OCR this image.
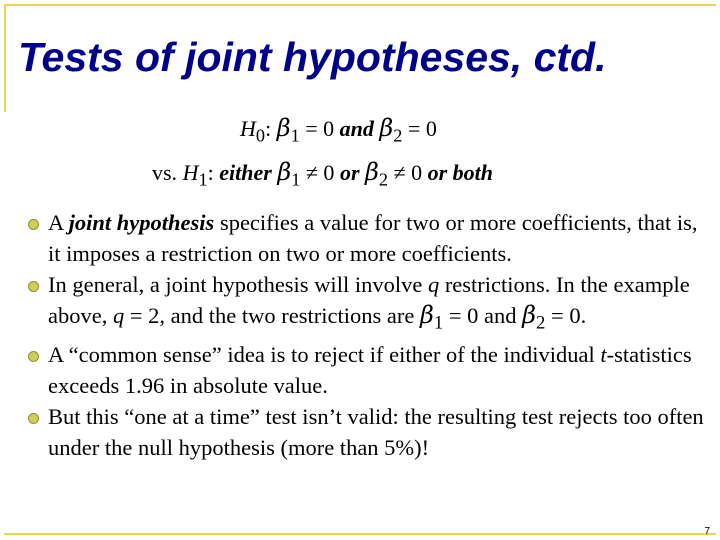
Tests of joint hypotheses, ctd.
$H_0$: $\beta_1 = 0$ and $\beta_2 = 0$
vs. $H_1$: either $\beta_1 \ne 0$ or $\beta_2 \ne 0$ or both
A joint hypothesis specifies a value for two or more coefficients, that is, it imposes a restriction on two or more coefficients.
In general, a joint hypothesis will involve q restrictions. In the example above, q = 2, and the two restrictions are $\beta_1 = 0$ and $\beta_2 = 0$.
A “common sense” idea is to reject if either of the individual t-statistics exceeds 1.96 in absolute value.
But this “one at a time” test isn’t valid: the resulting test rejects too often under the null hypothesis (more than 5%)!
7
